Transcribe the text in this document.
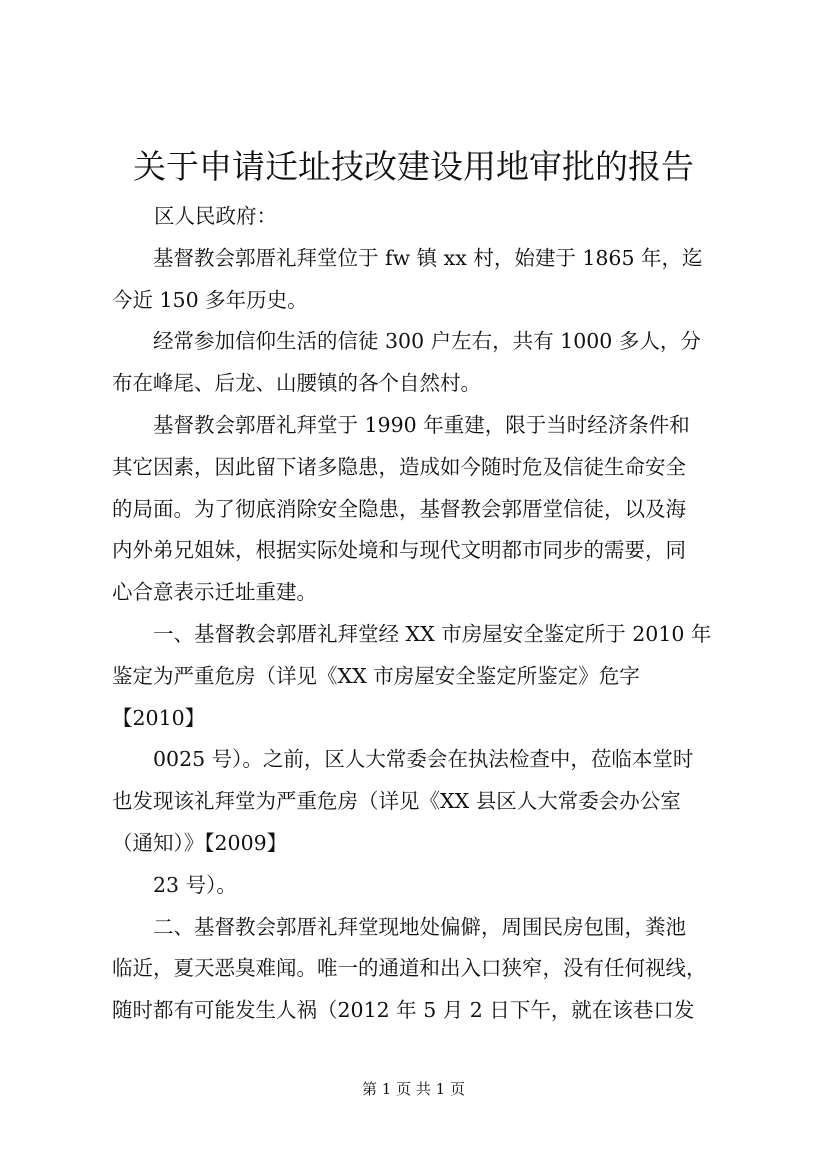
关于申请迁址技改建设用地审批的报告

区人民政府：

　　基督教会郭厝礼拜堂位于 fw 镇 xx 村，始建于 1865 年，迄
今近 150 多年历史。
　　经常参加信仰生活的信徒 300 户左右，共有 1000 多人，分
布在峰尾、后龙、山腰镇的各个自然村。
　　基督教会郭厝礼拜堂于 1990 年重建，限于当时经济条件和
其它因素，因此留下诸多隐患，造成如今随时危及信徒生命安全
的局面。为了彻底消除安全隐患，基督教会郭厝堂信徒，以及海
内外弟兄姐妹，根据实际处境和与现代文明都市同步的需要，同
心合意表示迁址重建。
　　一、基督教会郭厝礼拜堂经 XX 市房屋安全鉴定所于 2010 年
鉴定为严重危房（详见《XX 市房屋安全鉴定所鉴定》危字
【2010】
　　0025 号）。之前，区人大常委会在执法检查中，莅临本堂时
也发现该礼拜堂为严重危房（详见《XX 县区人大常委会办公室
（通知）》【2009】
　　23 号）。
　　二、基督教会郭厝礼拜堂现地处偏僻，周围民房包围，粪池
临近，夏天恶臭难闻。唯一的通道和出入口狭窄，没有任何视线，
随时都有可能发生人祸（2012 年 5 月 2 日下午，就在该巷口发
第 1 页 共 1 页
